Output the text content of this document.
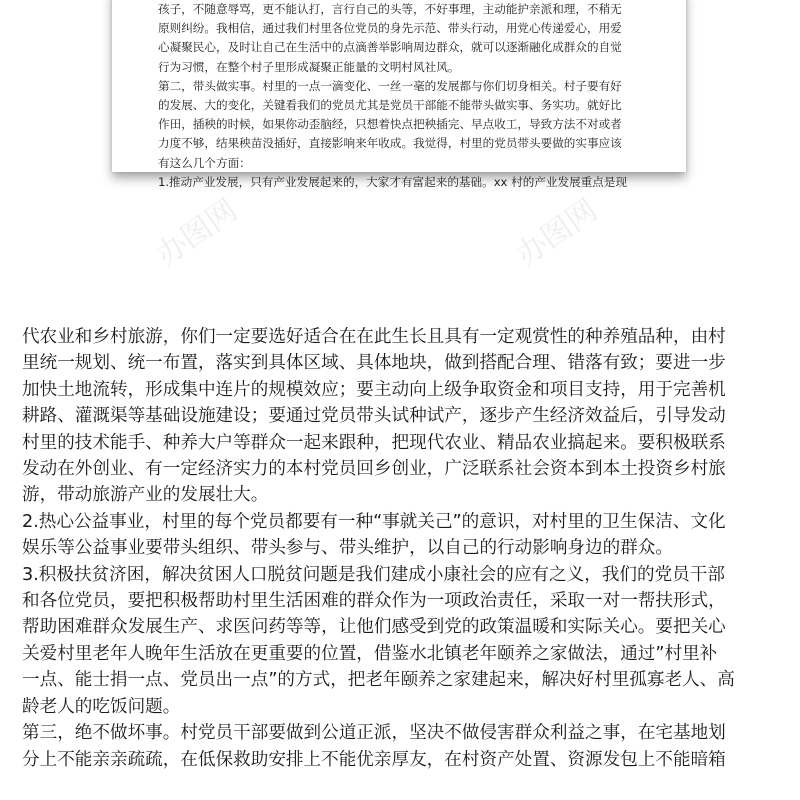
孩子，不随意辱骂，更不能认打，言行自己的头等，不好事理，主动能护亲派和理，不稍无

原则纠纷。我相信，通过我们村里各位党员的身先示范、带头行动，用党心传递爱心，用爱

心凝聚民心，及时让自己在生活中的点滴善举影响周边群众，就可以逐渐融化成群众的自觉

行为习惯，在整个村子里形成凝聚正能量的文明村风社风。

第二，带头做实事。村里的一点一滴变化、一丝一毫的发展都与你们切身相关。村子要有好

的发展、大的变化，关键看我们的党员尤其是党员干部能不能带头做实事、务实功。就好比

作田，插秧的时候，如果你动歪脑经，只想着快点把秧插完、早点收工，导致方法不对或者

力度不够，结果秧苗没插好，直接影响来年收成。我觉得，村里的党员带头要做的实事应该

有这么几个方面：

1.推动产业发展，只有产业发展起来的，大家才有富起来的基础。xx 村的产业发展重点是现

办图网	办图网

代农业和乡村旅游，你们一定要选好适合在在此生长且具有一定观赏性的种养殖品种，由村

里统一规划、统一布置，落实到具体区域、具体地块，做到搭配合理、错落有致；要进一步

加快土地流转，形成集中连片的规模效应；要主动向上级争取资金和项目支持，用于完善机

耕路、灌溉渠等基础设施建设；要通过党员带头试种试产，逐步产生经济效益后，引导发动

村里的技术能手、种养大户等群众一起来跟种，把现代农业、精品农业搞起来。要积极联系

发动在外创业、有一定经济实力的本村党员回乡创业，广泛联系社会资本到本土投资乡村旅

游，带动旅游产业的发展壮大。

2.热心公益事业，村里的每个党员都要有一种“事就关己”的意识，对村里的卫生保洁、文化

娱乐等公益事业要带头组织、带头参与、带头维护，以自己的行动影响身边的群众。

3.积极扶贫济困，解决贫困人口脱贫问题是我们建成小康社会的应有之义，我们的党员干部

和各位党员，要把积极帮助村里生活困难的群众作为一项政治责任，采取一对一帮扶形式，

帮助困难群众发展生产、求医问药等等，让他们感受到党的政策温暖和实际关心。要把关心

关爱村里老年人晚年生活放在更重要的位置，借鉴水北镇老年颐养之家做法，通过”村里补

一点、能士捐一点、党员出一点”的方式，把老年颐养之家建起来，解决好村里孤寡老人、高

龄老人的吃饭问题。

第三，绝不做坏事。村党员干部要做到公道正派，坚决不做侵害群众利益之事，在宅基地划

分上不能亲亲疏疏，在低保救助安排上不能优亲厚友，在村资产处置、资源发包上不能暗箱
